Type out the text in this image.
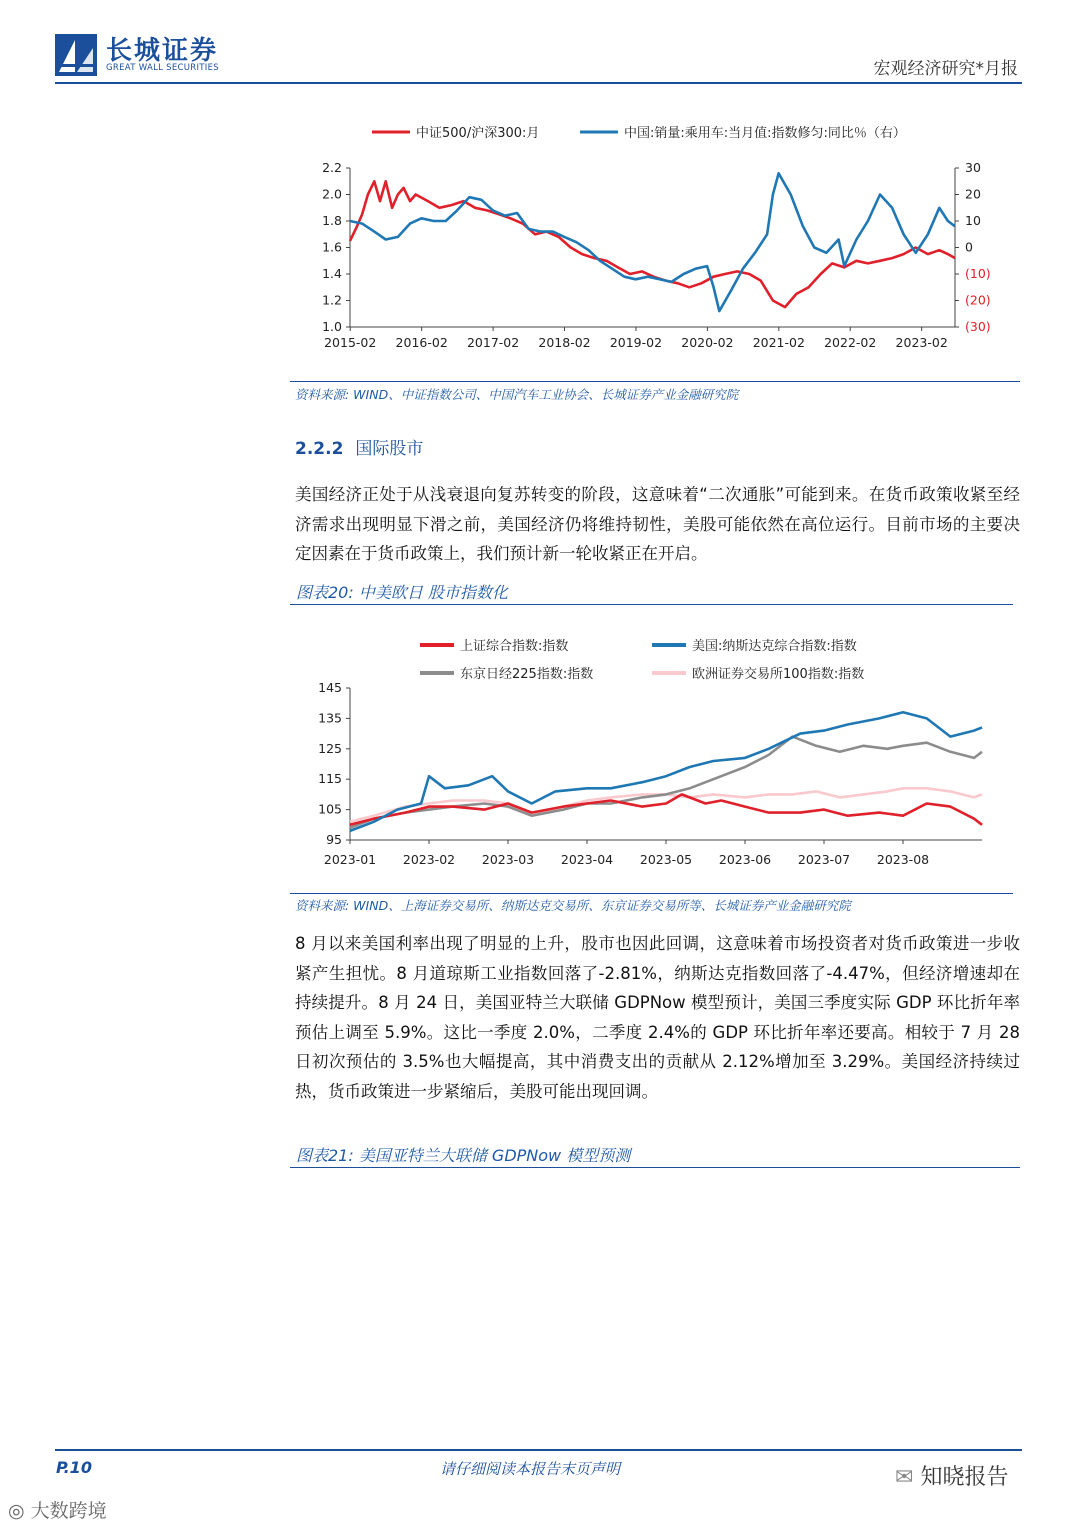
长城证券
GREAT WALL SECURITIES	宏观经济研究*月报
中证500/沪深300:月	中国:销量:乘用车:当月值:指数修匀:同比％（右）
1.0
1.2
1.4
1.6
1.8
2.0
2.2
(30)
(20)
(10)
0
10
20
30
2015-02 2016-02 2017-02 2018-02 2019-02 2020-02 2021-02 2022-02 2023-02
资料来源: WIND、中证指数公司、中国汽车工业协会、长城证券产业金融研究院
2.2.2 国际股市
美国经济正处于从浅衰退向复苏转变的阶段，这意味着“二次通胀”可能到来。在货币政策收紧至经济需求出现明显下滑之前，美国经济仍将维持韧性，美股可能依然在高位运行。目前市场的主要决定因素在于货币政策上，我们预计新一轮收紧正在开启。
图表20: 中美欧日 股市指数化
上证综合指数:指数	美国:纳斯达克综合指数:指数
东京日经225指数:指数	欧洲证券交易所100指数:指数
95
105
115
125
135
145
2023-01 2023-02 2023-03 2023-04 2023-05 2023-06 2023-07 2023-08
资料来源: WIND、上海证券交易所、纳斯达克交易所、东京证券交易所等、长城证券产业金融研究院
8 月以来美国利率出现了明显的上升，股市也因此回调，这意味着市场投资者对货币政策进一步收紧产生担忧。8 月道琼斯工业指数回落了-2.81%，纳斯达克指数回落了-4.47%，但经济增速却在持续提升。8 月 24 日，美国亚特兰大联储 GDPNow 模型预计，美国三季度实际 GDP 环比折年率预估上调至 5.9%。这比一季度 2.0%，二季度 2.4%的 GDP 环比折年率还要高。相较于 7 月 28 日初次预估的 3.5%也大幅提高，其中消费支出的贡献从 2.12%增加至 3.29%。美国经济持续过热，货币政策进一步紧缩后，美股可能出现回调。
图表21: 美国亚特兰大联储 GDPNow 模型预测
P.10	请仔细阅读本报告末页声明	✉ 知晓报告
◎ 大数跨境
